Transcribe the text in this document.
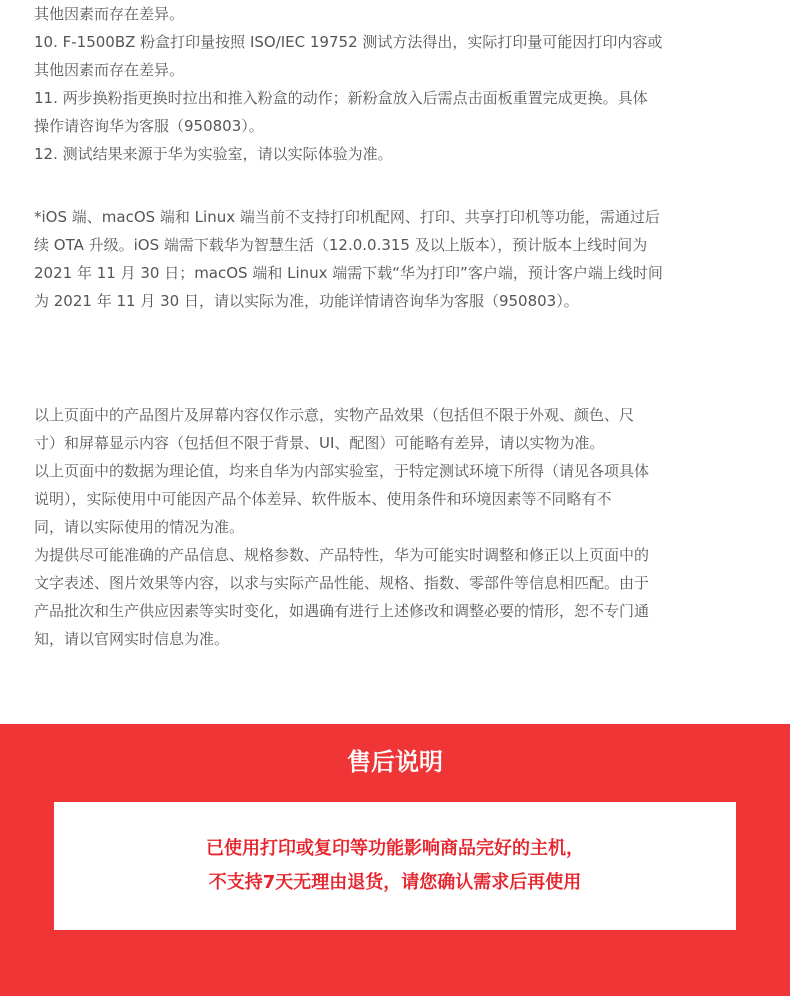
其他因素而存在差异。

10. F-1500BZ 粉盒打印量按照 ISO/IEC 19752 测试方法得出，实际打印量可能因打印内容或
其他因素而存在差异。

11. 两步换粉指更换时拉出和推入粉盒的动作；新粉盒放入后需点击面板重置完成更换。具体
操作请咨询华为客服（950803）。

12. 测试结果来源于华为实验室，请以实际体验为准。

*iOS 端、macOS 端和 Linux 端当前不支持打印机配网、打印、共享打印机等功能，需通过后
续 OTA 升级。iOS 端需下载华为智慧生活（12.0.0.315 及以上版本），预计版本上线时间为
2021 年 11 月 30 日；macOS 端和 Linux 端需下载“华为打印”客户端，预计客户端上线时间
为 2021 年 11 月 30 日，请以实际为准，功能详情请咨询华为客服（950803）。

以上页面中的产品图片及屏幕内容仅作示意，实物产品效果（包括但不限于外观、颜色、尺
寸）和屏幕显示内容（包括但不限于背景、UI、配图）可能略有差异，请以实物为准。

以上页面中的数据为理论值，均来自华为内部实验室，于特定测试环境下所得（请见各项具体
说明），实际使用中可能因产品个体差异、软件版本、使用条件和环境因素等不同略有不
同，请以实际使用的情况为准。

为提供尽可能准确的产品信息、规格参数、产品特性，华为可能实时调整和修正以上页面中的
文字表述、图片效果等内容，以求与实际产品性能、规格、指数、零部件等信息相匹配。由于
产品批次和生产供应因素等实时变化，如遇确有进行上述修改和调整必要的情形，恕不专门通
知，请以官网实时信息为准。

售后说明
已使用打印或复印等功能影响商品完好的主机，
不支持7天无理由退货，请您确认需求后再使用
